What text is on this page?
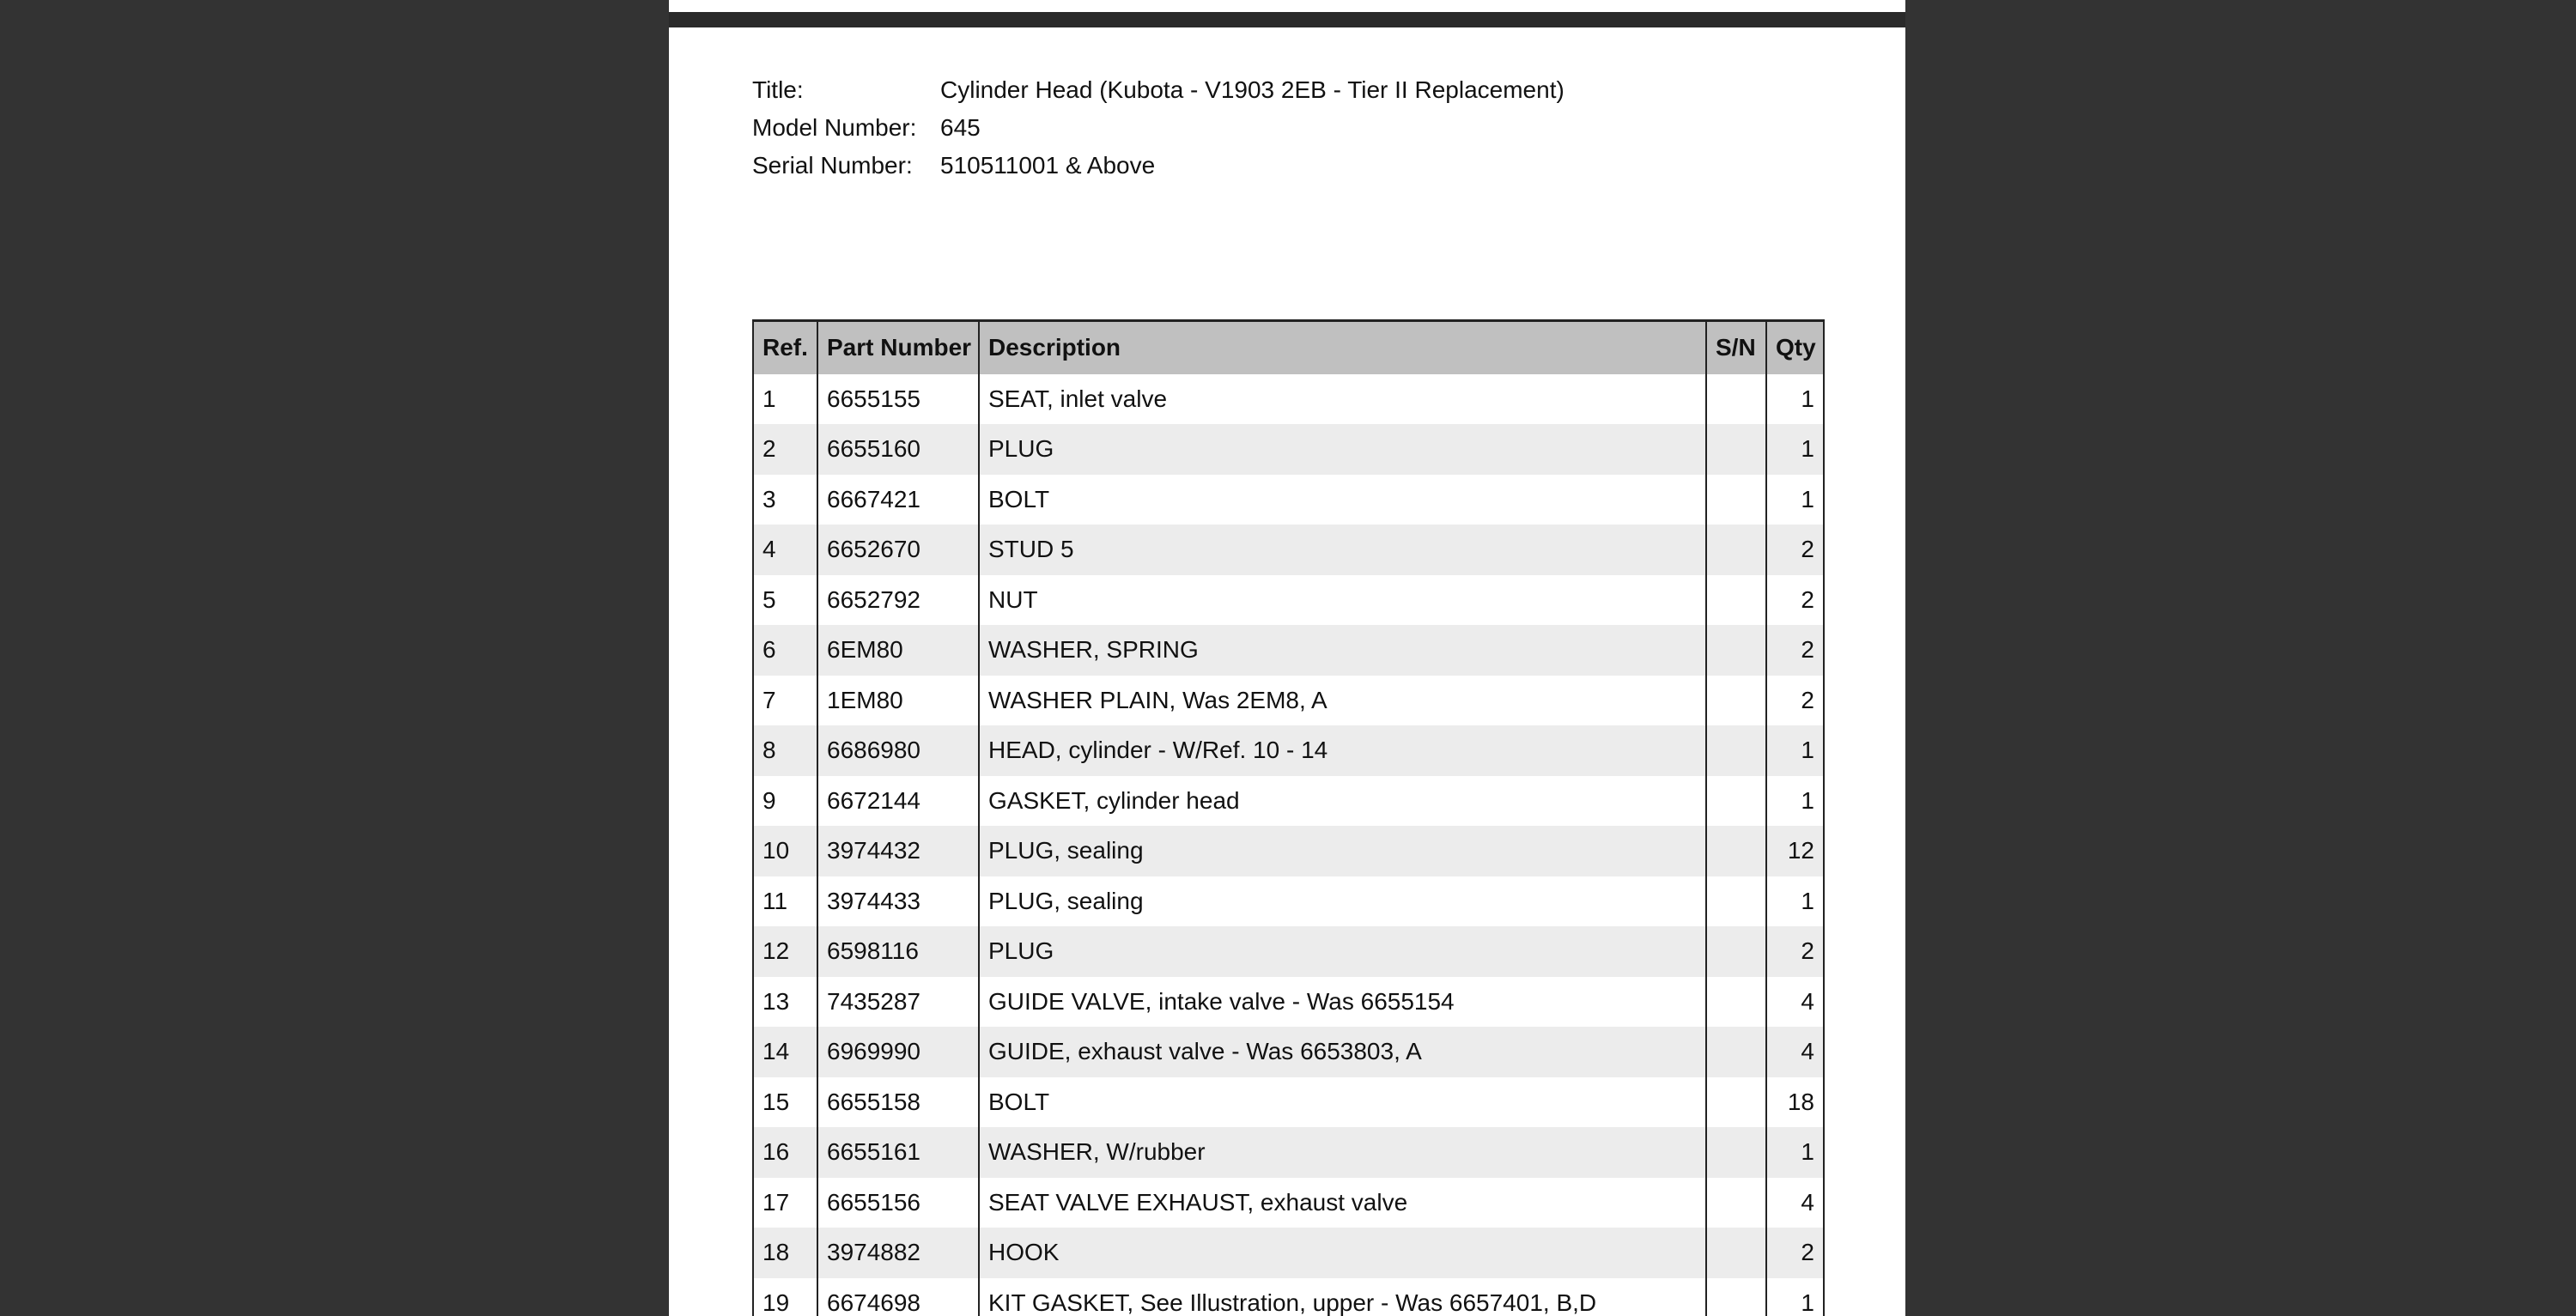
Title:	Cylinder Head (Kubota - V1903 2EB - Tier II Replacement)
Model Number: 645
Serial Number:	510511001 & Above
Ref.	Part Number	Description	S/N	Qty
1	6655155	SEAT, inlet valve		1
2	6655160	PLUG		1
3	6667421	BOLT		1
4	6652670	STUD 5		2
5	6652792	NUT		2
6	6EM80	WASHER, SPRING		2
7	1EM80	WASHER PLAIN, Was 2EM8, A		2
8	6686980	HEAD, cylinder - W/Ref. 10 - 14		1
9	6672144	GASKET, cylinder head		1
10	3974432	PLUG, sealing		12
11	3974433	PLUG, sealing		1
12	6598116	PLUG		2
13	7435287	GUIDE VALVE, intake valve - Was 6655154		4
14	6969990	GUIDE, exhaust valve - Was 6653803, A		4
15	6655158	BOLT		18
16	6655161	WASHER, W/rubber		1
17	6655156	SEAT VALVE EXHAUST, exhaust valve		4
18	3974882	HOOK		2
19	6674698	KIT GASKET, See Illustration, upper - Was 6657401, B,D		1
